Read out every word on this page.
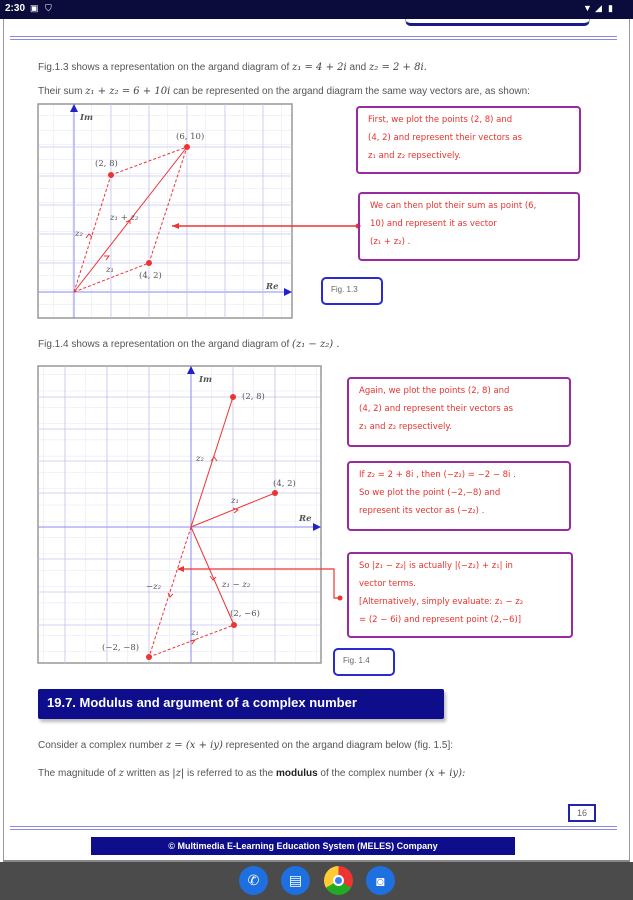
2:30 ▣ ⛉	▼ ◢ ▮
Im
Re
(6, 10)
(2, 8)
(4, 2)
z₂
z₁
z₁ + z₂
Im
Re
(2, 8)
(4, 2)
(2, −6)
(−2, −8)
z₂
z₁
z₁ − z₂
−z₂
z₁
Fig.1.3 shows a representation on the argand diagram of z₁ = 4 + 2i and z₂ = 2 + 8i.
Their sum z₁ + z₂ = 6 + 10i can be represented on the argand diagram the same way vectors are, as shown:
First, we plot the points (2, 8) and
(4, 2) and represent their vectors as
z₁ and z₂ repsectively.
We can then plot their sum as point (6,
10) and represent it as vector
(z₁ + z₂) .
Fig. 1.3
Fig.1.4 shows a representation on the argand diagram of (z₁ − z₂) .
Again, we plot the points (2, 8) and
(4, 2) and represent their vectors as
z₁ and z₂ repsectively.
If z₂ = 2 + 8i , then (−z₂) = −2 − 8i .
So we plot the point (−2,−8) and
represent its vector as (−z₂) .
So |z₁ − z₂| is actually |(−z₂) + z₁| in
vector terms.
[Alternatively, simply evaluate: z₁ − z₂
= (2 − 6i) and represent point (2,−6)]
Fig. 1.4
19.7. Modulus and argument of a complex number
Consider a complex number z = (x + iy) represented on the argand diagram below (fig. 1.5]:
The magnitude of z written as |z| is referred to as the modulus of the complex number (x + iy):
16
© Multimedia E-Learning Education System (MELES) Company
✆	▤	◙
